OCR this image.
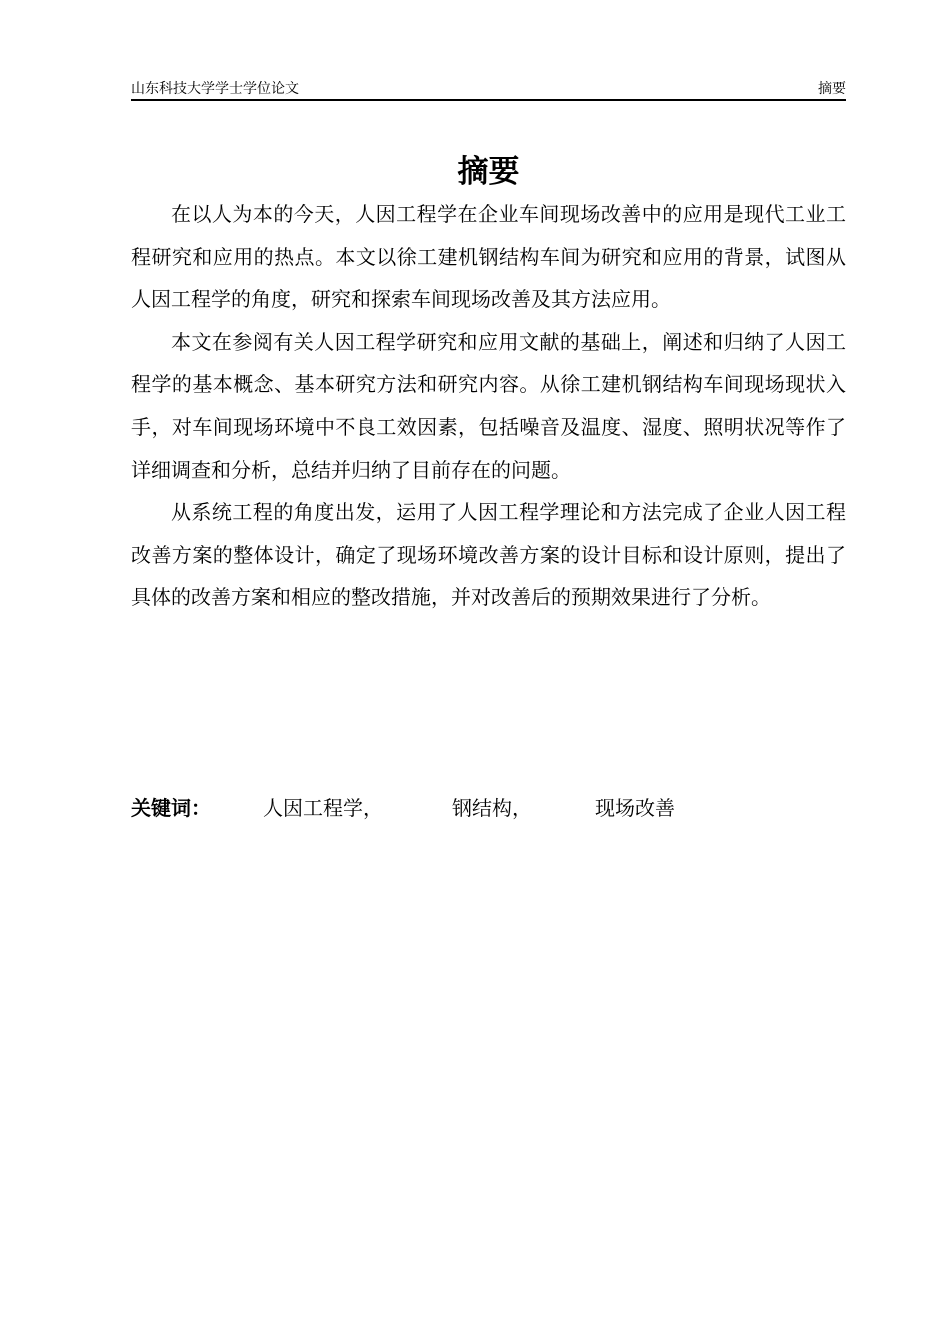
山东科技大学学士学位论文	摘要
摘要

在以人为本的今天，人因工程学在企业车间现场改善中的应用是现代工业工程研究和应用的热点。本文以徐工建机钢结构车间为研究和应用的背景，试图从人因工程学的角度，研究和探索车间现场改善及其方法应用。

本文在参阅有关人因工程学研究和应用文献的基础上，阐述和归纳了人因工程学的基本概念、基本研究方法和研究内容。从徐工建机钢结构车间现场现状入手，对车间现场环境中不良工效因素，包括噪音及温度、湿度、照明状况等作了详细调查和分析，总结并归纳了目前存在的问题。

从系统工程的角度出发，运用了人因工程学理论和方法完成了企业人因工程改善方案的整体设计，确定了现场环境改善方案的设计目标和设计原则，提出了具体的改善方案和相应的整改措施，并对改善后的预期效果进行了分析。

关键词：	人因工程学，	钢结构，	现场改善
